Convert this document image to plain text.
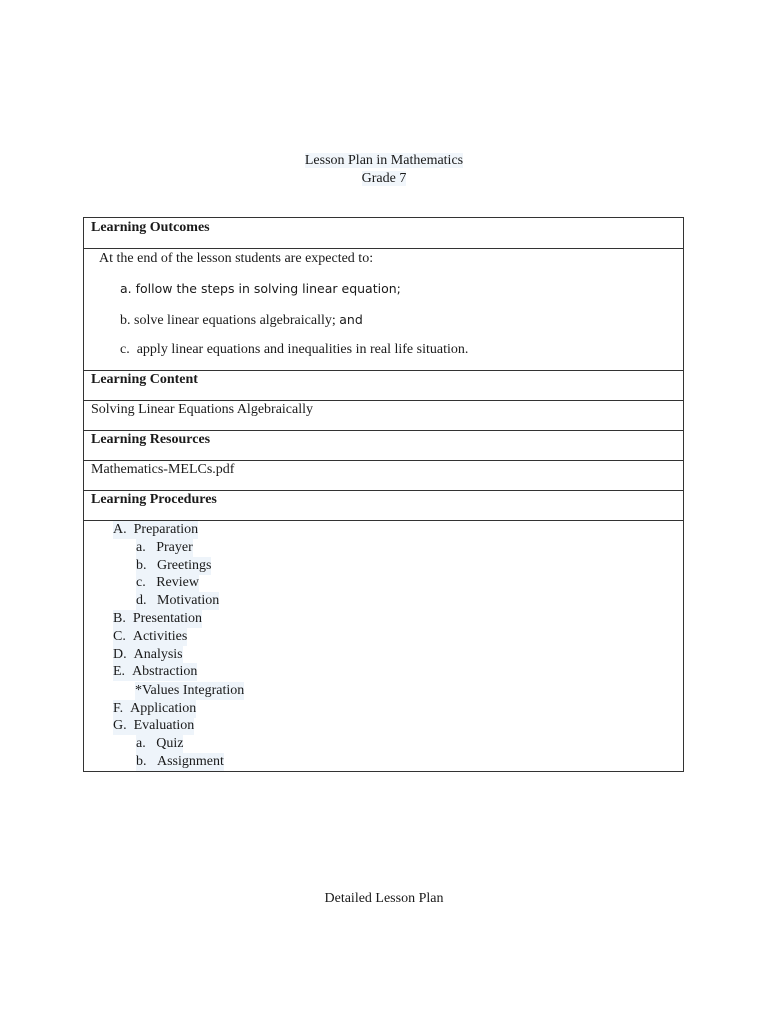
Lesson Plan in Mathematics
Grade 7
Learning Outcomes

At the end of the lesson students are expected to:
a. follow the steps in solving linear equation;
b. solve linear equations algebraically; and
c. apply linear equations and inequalities in real life situation.

Learning Content

Solving Linear Equations Algebraically

Learning Resources

Mathematics-MELCs.pdf

Learning Procedures

A. Preparation
a. Prayer
b. Greetings
c. Review
d. Motivation
B. Presentation
C. Activities
D. Analysis
E. Abstraction
*Values Integration
F. Application
G. Evaluation
a. Quiz
b. Assignment
Detailed Lesson Plan
